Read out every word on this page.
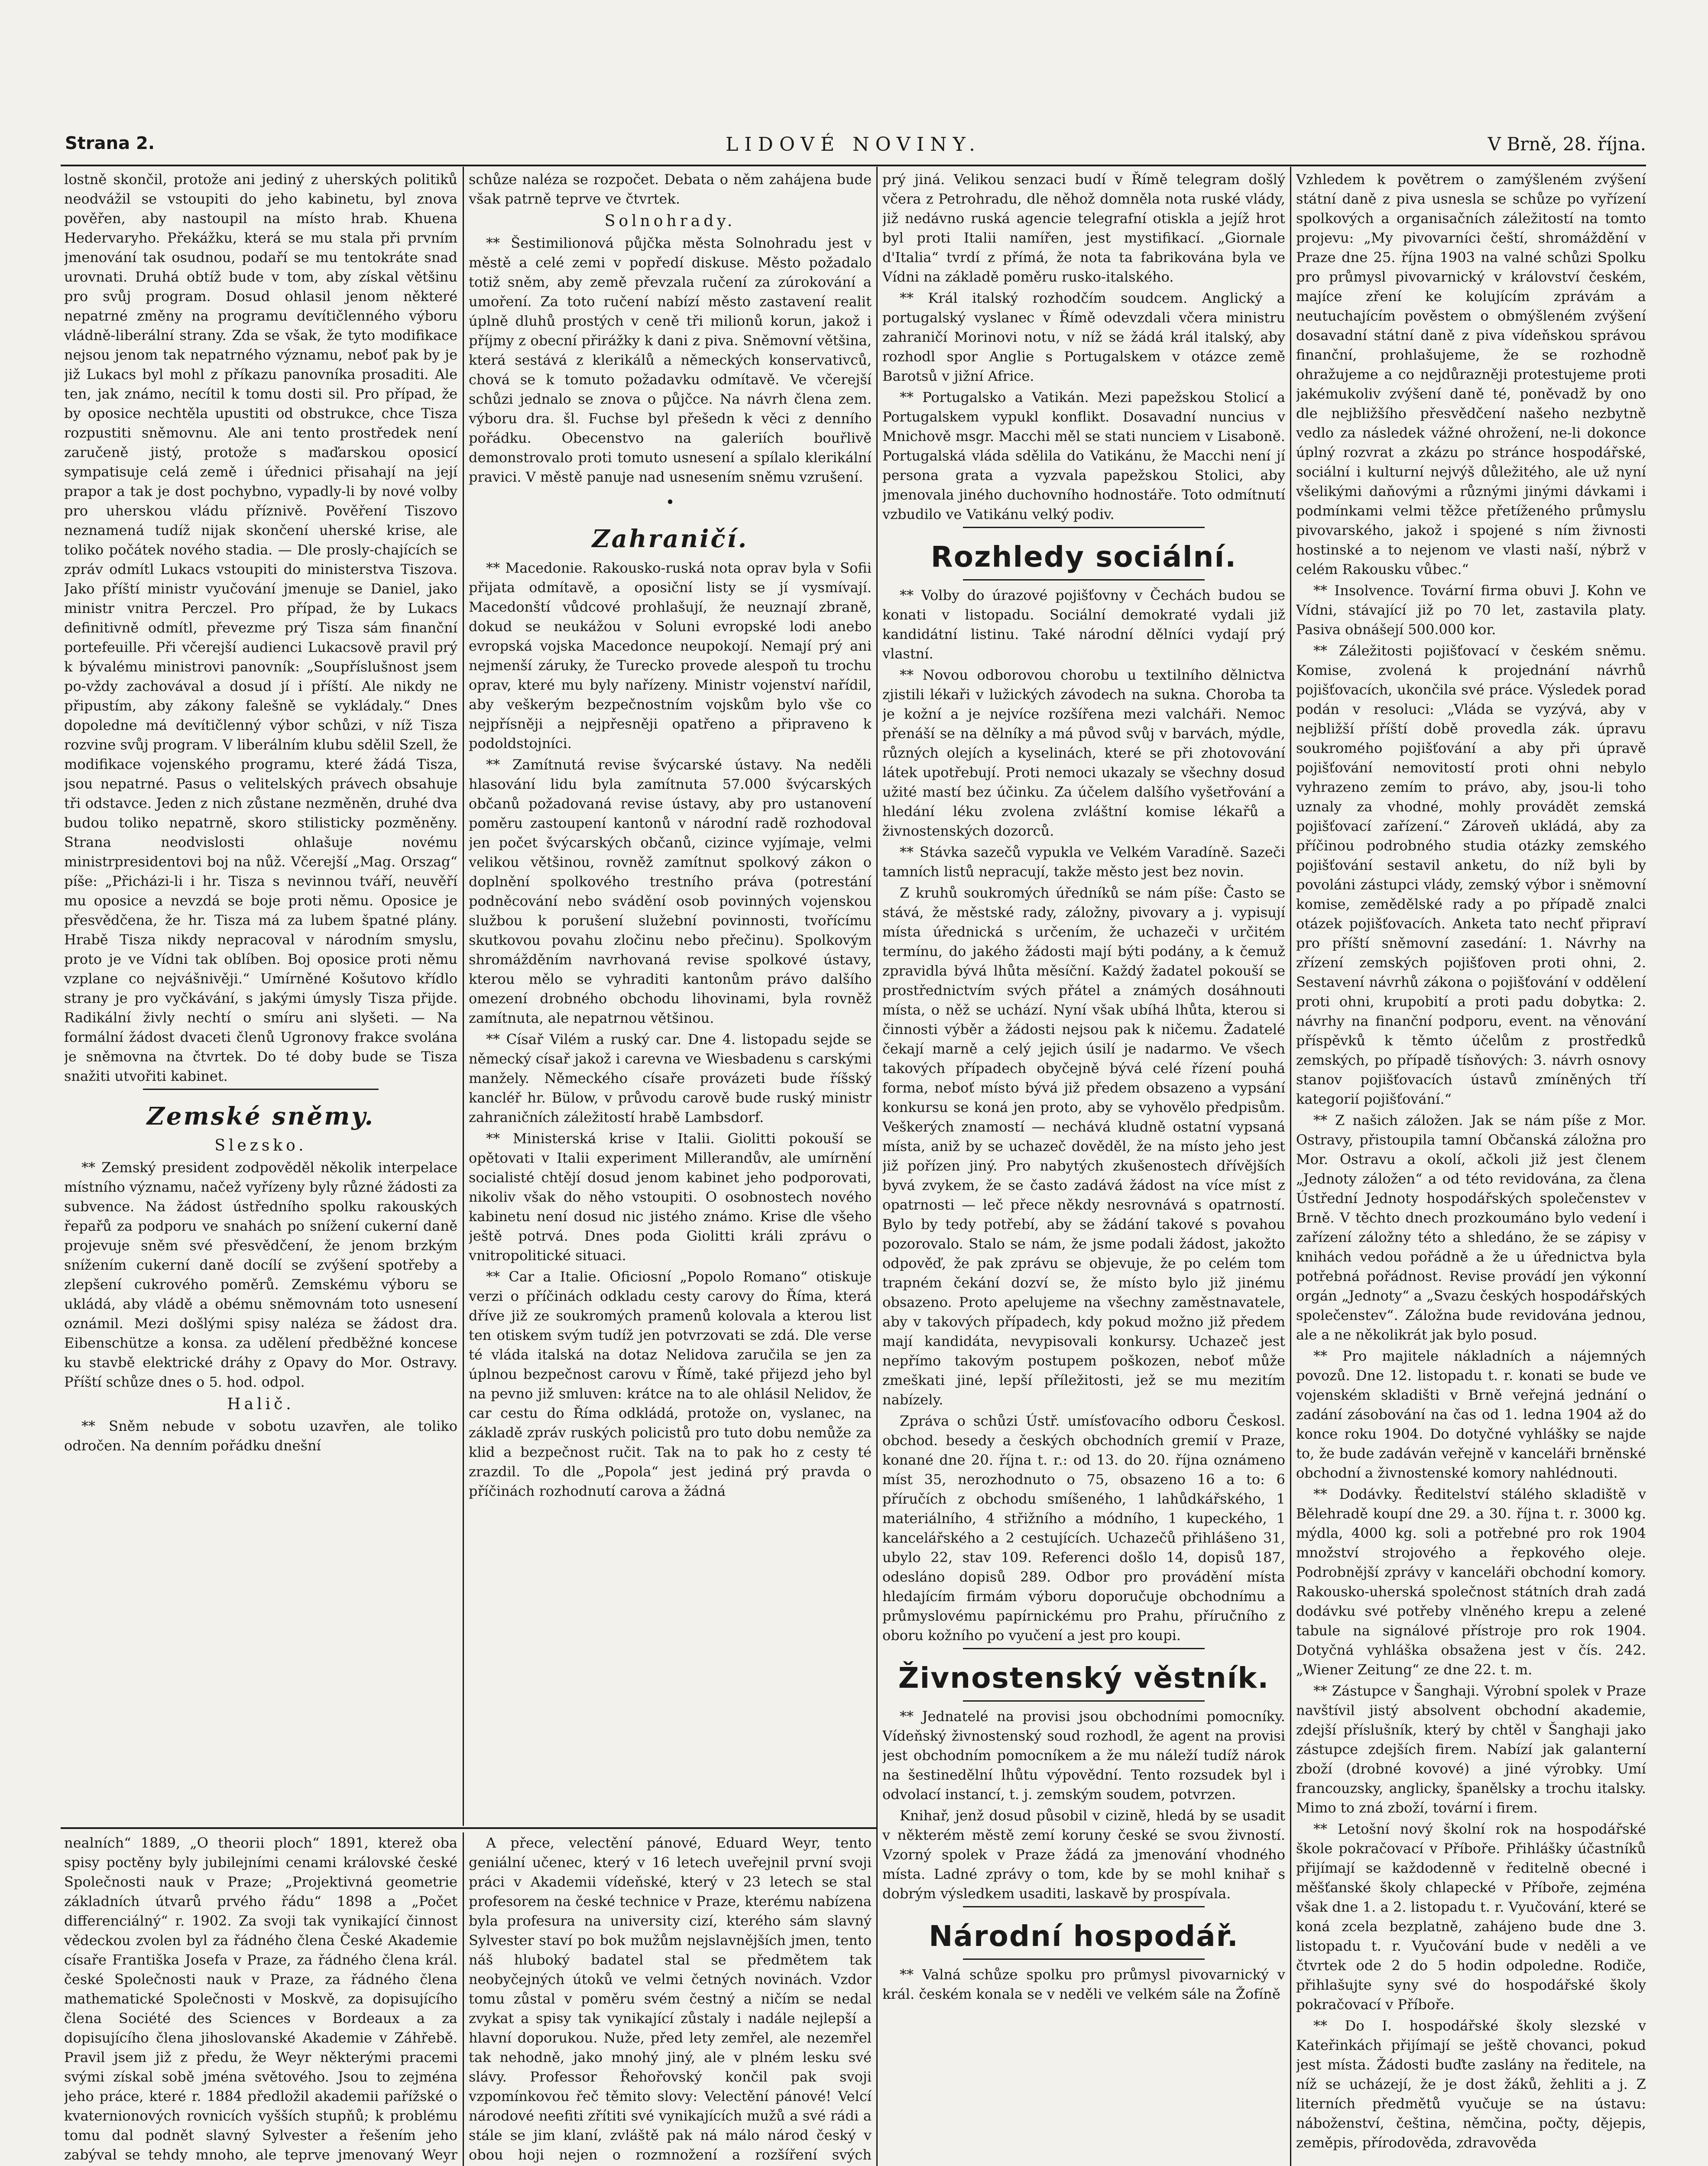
Strana 2.	LIDOVÉ NOVINY.	V Brně, 28. října.

lostně skončil, protože ani jediný z uherských politiků neodvážil se vstoupiti do jeho kabinetu, byl znova pověřen, aby nastoupil na místo hrab. Khuena Hedervaryho. Překážku, která se mu stala při prvním jmenování tak osudnou, podaří se mu tentokráte snad urovnati. Druhá obtíž bude v tom, aby získal většinu pro svůj program. Dosud ohlasil jenom některé nepatrné změny na programu devítičlenného výboru vládně-liberální strany. Zda se však, že tyto modifikace nejsou jenom tak nepatrného významu, neboť pak by je již Lukacs byl mohl z příkazu panovníka prosaditi. Ale ten, jak známo, necítil k tomu dosti sil. Pro případ, že by oposice nechtěla upustiti od obstrukce, chce Tisza rozpustiti sněmovnu. Ale ani tento prostředek není zaručeně jistý, protože s maďarskou oposicí sympatisuje celá země i úřednici přisahají na její prapor a tak je dost pochybno, vypadly-li by nové volby pro uherskou vládu příznivě. Pověření Tiszovo neznamená tudíž nijak skončení uherské krise, ale toliko počátek nového stadia. — Dle prosly-chajících se zpráv odmítl Lukacs vstoupiti do ministerstva Tiszova. Jako příští ministr vyučování jmenuje se Daniel, jako ministr vnitra Perczel. Pro případ, že by Lukacs definitivně odmítl, převezme prý Tisza sám finanční portefeuille. Při včerejší audienci Lukacsově pravil prý k bývalému ministrovi panovník: „Soupříslušnost jsem po-vždy zachovával a dosud jí i příští. Ale nikdy ne připustím, aby zákony falešně se vykládaly.“ Dnes dopoledne má devítičlenný výbor schůzi, v níž Tisza rozvine svůj program. V liberálním klubu sdělil Szell, že modifikace vojenského programu, které žádá Tisza, jsou nepatrné. Pasus o velitelských právech obsahuje tři odstavce. Jeden z nich zůstane nezměněn, druhé dva budou toliko nepatrně, skoro stilisticky pozměněny. Strana neodvislosti ohlašuje novému ministrpresidentovi boj na nůž. Včerejší „Mag. Orszag“ píše: „Přicházi-li i hr. Tisza s nevinnou tváří, neuvěří mu oposice a nevzdá se boje proti němu. Oposice je přesvědčena, že hr. Tisza má za lubem špatné plány. Hrabě Tisza nikdy nepracoval v národním smyslu, proto je ve Vídni tak oblíben. Boj oposice proti němu vzplane co nejvášnivěji.“ Umírněné Košutovo křídlo strany je pro vyčkávání, s jakými úmysly Tisza přijde. Radikální živly nechtí o smíru ani slyšeti. — Na formální žádost dvaceti členů Ugronovy frakce svolána je sněmovna na čtvrtek. Do té doby bude se Tisza snažiti utvořiti kabinet.

Zemské sněmy.
Slezsko.

** Zemský president zodpověděl několik interpelace místního významu, načež vyřízeny byly různé žádosti za subvence. Na žádost ústředního spolku rakouských řepařů za podporu ve snahách po snížení cukerní daně projevuje sněm své přesvědčení, že jenom brzkým snížením cukerní daně docílí se zvýšení spotřeby a zlepšení cukrového poměrů. Zemskému výboru se ukládá, aby vládě a obému sněmovnám toto usnesení oznámil. Mezi došlými spisy naléza se žádost dra. Eibenschütze a konsa. za udělení předběžné koncese ku stavbě elektrické dráhy z Opavy do Mor. Ostravy. Příští schůze dnes o 5. hod. odpol.

Halič.

** Sněm nebude v sobotu uzavřen, ale toliko odročen. Na denním pořádku dnešní

schůze naléza se rozpočet. Debata o něm zahájena bude však patrně teprve ve čtvrtek.

Solnohrady.

** Šestimilionová půjčka města Solnohradu jest v městě a celé zemi v popředí diskuse. Město požadalo totiž sněm, aby země převzala ručení za zúrokování a umoření. Za toto ručení nabízí město zastavení realit úplně dluhů prostých v ceně tři milionů korun, jakož i příjmy z obecní přirážky k dani z piva. Sněmovní většina, která sestává z klerikálů a německých konservativců, chová se k tomuto požadavku odmítavě. Ve včerejší schůzi jednalo se znova o půjčce. Na návrh člena zem. výboru dra. šl. Fuchse byl přešedn k věci z denního pořádku. Obecenstvo na galeriích bouřlivě demonstrovalo proti tomuto usnesení a spílalo klerikální pravici. V městě panuje nad usnesením sněmu vzrušení.

•
Zahraničí.

** Macedonie. Rakousko-ruská nota oprav byla v Sofii přijata odmítavě, a oposiční listy se jí vysmívají. Macedonští vůdcové prohlašují, že neuznají zbraně, dokud se neukážou v Soluni evropské lodi anebo evropská vojska Macedonce neupokojí. Nemají prý ani nejmenší záruky, že Turecko provede alespoň tu trochu oprav, které mu byly nařízeny. Ministr vojenství nařídil, aby veškerým bezpečnostním vojskům bylo vše co nejpřísněji a nejpřesněji opatřeno a připraveno k podoldstojníci.

** Zamítnutá revise švýcarské ústavy. Na neděli hlasování lidu byla zamítnuta 57.000 švýcarských občanů požadovaná revise ústavy, aby pro ustanovení poměru zastoupení kantonů v národní radě rozhodoval jen počet švýcarských občanů, cizince vyjímaje, velmi velikou většinou, rovněž zamítnut spolkový zákon o doplnění spolkového trestního práva (potrestání podněcování nebo svádění osob povinných vojenskou službou k porušení služební povinnosti, tvořícímu skutkovou povahu zločinu nebo přečinu). Spolkovým shromážděním navrhovaná revise spolkové ústavy, kterou mělo se vyhraditi kantonům právo dalšího omezení drobného obchodu lihovinami, byla rovněž zamítnuta, ale nepatrnou většinou.

** Císař Vilém a ruský car. Dne 4. listopadu sejde se německý císař jakož i carevna ve Wiesbadenu s carskými manžely. Německého císaře provázeti bude říšský kancléř hr. Bülow, v průvodu carově bude ruský ministr zahraničních záležitostí hrabě Lambsdorf.

** Ministerská krise v Italii. Giolitti pokouší se opětovati v Italii experiment Millerandův, ale umírnění socialisté chtějí dosud jenom kabinet jeho podporovati, nikoliv však do něho vstoupiti. O osobnostech nového kabinetu není dosud nic jistého známo. Krise dle všeho ještě potrvá. Dnes poda Giolitti králi zprávu o vnitropolitické situaci.

** Car a Italie. Oficiosní „Popolo Romano“ otiskuje verzi o příčinách odkladu cesty carovy do Říma, která dříve již ze soukromých pramenů kolovala a kterou list ten otiskem svým tudíž jen potvrzovati se zdá. Dle verse té vláda italská na dotaz Nelidova zaručila se jen za úplnou bezpečnost carovu v Římě, také přijezd jeho byl na pevno již smluven: krátce na to ale ohlásil Nelidov, že car cestu do Říma odkládá, protože on, vyslanec, na základě zpráv ruských policistů pro tuto dobu nemůže za klid a bezpečnost ručit. Tak na to pak ho z cesty té zrazdil. To dle „Popola“ jest jediná prý pravda o příčinách rozhodnutí carova a žádná

prý jiná. Velikou senzaci budí v Římě telegram došlý včera z Petrohradu, dle něhož domněla nota ruské vlády, již nedávno ruská agencie telegrafní otiskla a jejíž hrot byl proti Italii namířen, jest mystifikací. „Giornale d'Italia“ tvrdí z přímá, že nota ta fabrikována byla ve Vídni na základě poměru rusko-italského.

** Král italský rozhodčím soudcem. Anglický a portugalský vyslanec v Římě odevzdali včera ministru zahraničí Morinovi notu, v níž se žádá král italský, aby rozhodl spor Anglie s Portugalskem v otázce země Barotsů v jižní Africe.

** Portugalsko a Vatikán. Mezi papežskou Stolicí a Portugalskem vypukl konflikt. Dosavadní nuncius v Mnichově msgr. Macchi měl se stati nunciem v Lisaboně. Portugalská vláda sdělila do Vatikánu, že Macchi není jí persona grata a vyzvala papežskou Stolici, aby jmenovala jiného duchovního hodnostáře. Toto odmítnutí vzbudilo ve Vatikánu velký podiv.

Rozhledy sociální.

** Volby do úrazové pojišťovny v Čechách budou se konati v listopadu. Sociální demokraté vydali již kandidátní listinu. Také národní dělníci vydají prý vlastní.

** Novou odborovou chorobu u textilního dělnictva zjistili lékaři v lužických závodech na sukna. Choroba ta je kožní a je nejvíce rozšířena mezi valcháři. Nemoc přenáší se na dělníky a má původ svůj v barvách, mýdle, různých olejích a kyselinách, které se při zhotovování látek upotřebují. Proti nemoci ukazaly se všechny dosud užité mastí bez účinku. Za účelem dalšího vyšetřování a hledání léku zvolena zvláštní komise lékařů a živnostenských dozorců.

** Stávka sazečů vypukla ve Velkém Varadíně. Sazeči tamních listů nepracují, takže město jest bez novin.

Z kruhů soukromých úředníků se nám píše: Často se stává, že městské rady, záložny, pivovary a j. vypisují místa úřednická s určením, že uchazeči v určitém termínu, do jakého žádosti mají býti podány, a k čemuž zpravidla bývá lhůta měsíční. Každý žadatel pokouší se prostřednictvím svých přátel a známých dosáhnouti místa, o něž se uchází. Nyní však ubíhá lhůta, kterou si činnosti výběr a žádosti nejsou pak k ničemu. Žadatelé čekají marně a celý jejich úsilí je nadarmo. Ve všech takových případech obyčejně bývá celé řízení pouhá forma, neboť místo bývá již předem obsazeno a vypsání konkursu se koná jen proto, aby se vyhovělo předpisům. Veškerých znamostí — nechává kludně ostatní vypsaná místa, aniž by se uchazeč dověděl, že na místo jeho jest již pořízen jiný. Pro nabytých zkušenostech dřívějších byvá zvykem, že se často zadává žádost na více míst z opatrnosti — leč přece někdy nesrovnává s opatrností. Bylo by tedy potřebí, aby se žádání takové s povahou pozorovalo. Stalo se nám, že jsme podali žádost, jakožto odpověď, že pak zprávu se objevuje, že po celém tom trapném čekání dozví se, že místo bylo již jinému obsazeno. Proto apelujeme na všechny zaměstnavatele, aby v takových případech, kdy pokud možno již předem mají kandidáta, nevypisovali konkursy. Uchazeč jest nepřímo takovým postupem poškozen, neboť může zmeškati jiné, lepší příležitosti, jež se mu mezitím nabízely.

Zpráva o schůzi Ústř. umísťovacího odboru Českosl. obchod. besedy a českých obchodních gremií v Praze, konané dne 20. října t. r.: od 13. do 20. října oznámeno míst 35, nerozhodnuto o 75, obsazeno 16 a to: 6 příručích z obchodu smíšeného, 1 lahůdkářského, 1 materiálního, 4 střižního a módního, 1 kupeckého, 1 kancelářského a 2 cestujících. Uchazečů přihlášeno 31, ubylo 22, stav 109. Referenci došlo 14, dopisů 187, odesláno dopisů 289. Odbor pro provádění místa hledajícím firmám výboru doporučuje obchodnímu a průmyslovému papírnickému pro Prahu, příručního z oboru kožního po vyučení a jest pro koupi.

Živnostenský věstník.

** Jednatelé na provisi jsou obchodními pomocníky. Vídeňský živnostenský soud rozhodl, že agent na provisi jest obchodním pomocníkem a že mu náleží tudíž nárok na šestinedělní lhůtu výpovědní. Tento rozsudek byl i odvolací instancí, t. j. zemským soudem, potvrzen.

Knihař, jenž dosud působil v cizině, hledá by se usadit v některém městě zemí koruny české se svou živností. Vzorný spolek v Praze žádá za jmenování vhodného místa. Ladné zprávy o tom, kde by se mohl knihař s dobrým výsledkem usaditi, laskavě by prospívala.

Národní hospodář.

** Valná schůze spolku pro průmysl pivovarnický v král. českém konala se v neděli ve velkém sále na Žofíně

Vzhledem k povětrem o zamýšleném zvýšení státní daně z piva usnesla se schůze po vyřízení spolkových a organisačních záležitostí na tomto projevu: „My pivovarníci čeští, shromáždění v Praze dne 25. října 1903 na valné schůzi Spolku pro průmysl pivovarnický v království českém, majíce zření ke kolujícím zprávám a neutuchajícím pověstem o obmýšleném zvýšení dosavadní státní daně z piva vídeňskou správou finanční, prohlašujeme, že se rozhodně ohražujeme a co nejdůrazněji protestujeme proti jakémukoliv zvýšení daně té, poněvadž by ono dle nejbližšího přesvědčení našeho nezbytně vedlo za následek vážné ohrožení, ne-li dokonce úplný rozvrat a zkázu po stránce hospodářské, sociální i kulturní nejvýš důležitého, ale už nyní všelikými daňovými a různými jinými dávkami i podmínkami velmi těžce přetíženého průmyslu pivovarského, jakož i spojené s ním živnosti hostinské a to nejenom ve vlasti naší, nýbrž v celém Rakousku vůbec.“

** Insolvence. Tovární firma obuvi J. Kohn ve Vídni, stávající již po 70 let, zastavila platy. Pasiva obnášejí 500.000 kor.

** Záležitosti pojišťovací v českém sněmu. Komise, zvolená k projednání návrhů pojišťovacích, ukončila své práce. Výsledek porad podán v resoluci: „Vláda se vyzývá, aby v nejbližší příští době provedla zák. úpravu soukromého pojišťování a aby při úpravě pojišťování nemovitostí proti ohni nebylo vyhrazeno zemím to právo, aby, jsou-li toho uznaly za vhodné, mohly provádět zemská pojišťovací zařízení.“ Zároveň ukládá, aby za příčinou podrobného studia otázky zemského pojišťování sestavil anketu, do níž byli by povoláni zástupci vlády, zemský výbor i sněmovní komise, zemědělské rady a po případě znalci otázek pojišťovacích. Anketa tato nechť připraví pro příští sněmovní zasedání: 1. Návrhy na zřízení zemských pojišťoven proti ohni, 2. Sestavení návrhů zákona o pojišťování v oddělení proti ohni, krupobití a proti padu dobytka: 2. návrhy na finanční podporu, event. na věnování příspěvků k těmto účelům z prostředků zemských, po případě tísňových: 3. návrh osnovy stanov pojišťovacích ústavů zmíněných tří kategorií pojišťování.“

** Z našich záložen. Jak se nám píše z Mor. Ostravy, přistoupila tamní Občanská záložna pro Mor. Ostravu a okolí, ačkoli již jest členem „Jednoty záložen“ a od této revidována, za člena Ústřední Jednoty hospodářských společenstev v Brně. V těchto dnech prozkoumáno bylo vedení i zařízení záložny této a shledáno, že se zápisy v knihách vedou pořádně a že u úřednictva byla potřebná pořádnost. Revise provádí jen výkonní orgán „Jednoty“ a „Svazu českých hospodářských společenstev“. Záložna bude revidována jednou, ale a ne několikrát jak bylo posud.

** Pro majitele nákladních a nájemných povozů. Dne 12. listopadu t. r. konati se bude ve vojenském skladišti v Brně veřejná jednání o zadání zásobování na čas od 1. ledna 1904 až do konce roku 1904. Do dotyčné vyhlášky se najde to, že bude zadáván veřejně v kanceláři brněnské obchodní a živnostenské komory nahlédnouti.

** Dodávky. Ředitelství stálého skladiště v Bělehradě koupí dne 29. a 30. října t. r. 3000 kg. mýdla, 4000 kg. soli a potřebné pro rok 1904 množství strojového a řepkového oleje. Podrobnější zprávy v kanceláři obchodní komory. Rakousko-uherská společnost státních drah zadá dodávku své potřeby vlněného krepu a zelené tabule na signálové přístroje pro rok 1904. Dotyčná vyhláška obsažena jest v čís. 242. „Wiener Zeitung“ ze dne 22. t. m.

** Zástupce v Šanghaji. Výrobní spolek v Praze navštívil jistý absolvent obchodní akademie, zdejší příslušník, který by chtěl v Šanghaji jako zástupce zdejších firem. Nabízí jak galanterní zboží (drobné kovové) a jiné výrobky. Umí francouzsky, anglicky, španělsky a trochu italsky. Mimo to zná zboží, tovární i firem.

** Letošní nový školní rok na hospodářské škole pokračovací v Příboře. Přihlášky účastníků přijímají se každodenně v ředitelně obecné i měšťanské školy chlapecké v Příboře, zejména však dne 1. a 2. listopadu t. r. Vyučování, které se koná zcela bezplatně, zahájeno bude dne 3. listopadu t. r. Vyučování bude v neděli a ve čtvrtek ode 2 do 5 hodin odpoledne. Rodiče, přihlašujte syny své do hospodářské školy pokračovací v Příboře.

** Do I. hospodářské školy slezské v Kateřinkách přijímají se ještě chovanci, pokud jest místa. Žádosti buďte zaslány na ředitele, na níž se ucházejí, že je dost žáků, žehliti a j. Z literních předmětů vyučuje se na ústavu: náboženství, čeština, němčina, počty, dějepis, zeměpis, přírodověda, zdravověda

nealních“ 1889, „O theorii ploch“ 1891, kterež oba spisy poctěny byly jubilejními cenami královské české Společnosti nauk v Praze; „Projektivná geometrie základních útvarů prvého řádu“ 1898 a „Počet differenciálný“ r. 1902. Za svoji tak vynikající činnost vědeckou zvolen byl za řádného člena České Akademie císaře Františka Josefa v Praze, za řádného člena král. české Společnosti nauk v Praze, za řádného člena mathematické Společnosti v Moskvě, za dopisujícího člena Société des Sciences v Bordeaux a za dopisujícího člena jihoslovanské Akademie v Záhřebě. Pravil jsem již z předu, že Weyr některými pracemi svými získal sobě jména světového. Jsou to zejména jeho práce, které r. 1884 předložil akademii pařížské o kvaternionových rovnicích vyšších stupňů; k problému tomu dal podnět slavný Sylvester a řešením jeho zabýval se tehdy mnoho, ale teprve jmenovaný Weyr

A přece, velectění pánové, Eduard Weyr, tento geniální učenec, který v 16 letech uveřejnil první svoji práci v Akademii vídeňské, který v 23 letech se stal profesorem na české technice v Praze, kterému nabízena byla profesura na university cizí, kterého sám slavný Sylvester staví po bok mužům nejslavnějších jmen, tento náš hluboký badatel stal se předmětem tak neobyčejných útoků ve velmi četných novinách. Vzdor tomu zůstal v poměru svém čestný a ničím se nedal zvykat a spisy tak vynikající zůstaly i nadále nejlepší a hlavní doporukou. Nuže, před lety zemřel, ale nezemřel tak nehodně, jako mnohý jiný, ale v plném lesku své slávy. Professor Řehořovský končil pak svoji vzpomínkovou řeč těmito slovy: Velectění pánové! Velcí národové neefiti zřítiti své vynikajících mužů a své rádi a stále se jim klaní, zvláště pak ná málo národ český v obou hoji nejen o rozmnožení a rozšíření svých
